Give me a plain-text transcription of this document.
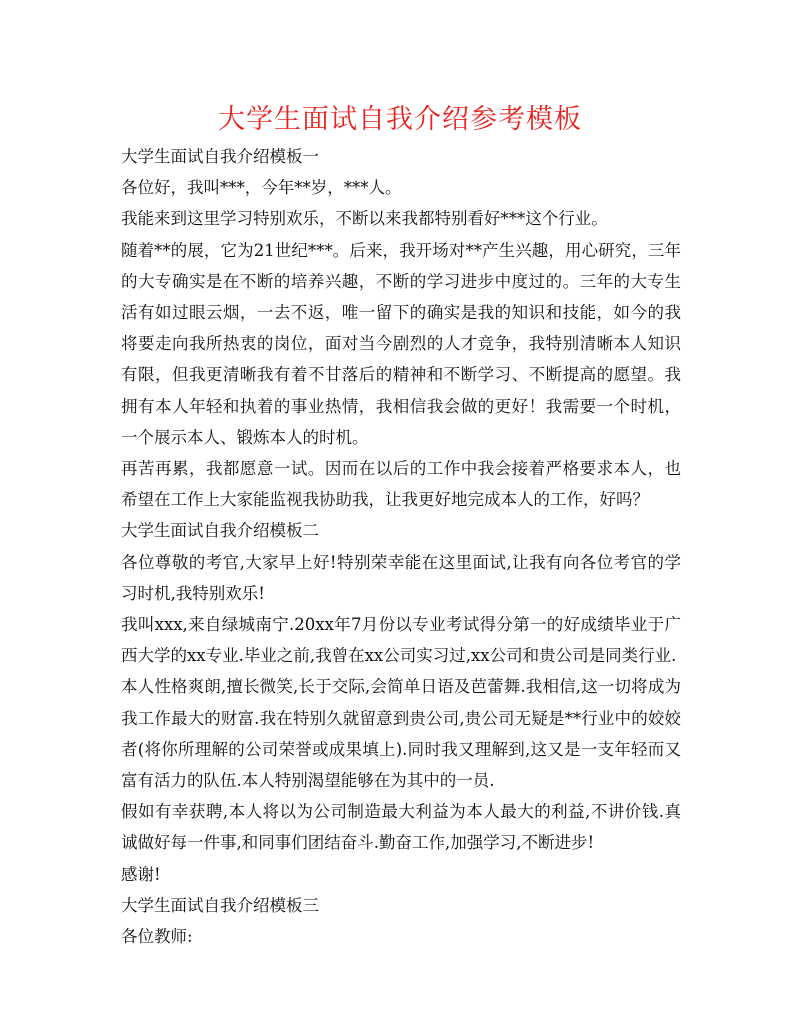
大学生面试自我介绍参考模板

大学生面试自我介绍模板一

各位好，我叫***，今年**岁，***人。

我能来到这里学习特别欢乐，不断以来我都特别看好***这个行业。

随着**的展，它为21世纪***。后来，我开场对**产生兴趣，用心研究，三年的大专确实是在不断的培养兴趣，不断的学习进步中度过的。三年的大专生活有如过眼云烟，一去不返，唯一留下的确实是我的知识和技能，如今的我将要走向我所热衷的岗位，面对当今剧烈的人才竞争，我特别清晰本人知识有限，但我更清晰我有着不甘落后的精神和不断学习、不断提高的愿望。我拥有本人年轻和执着的事业热情，我相信我会做的更好！我需要一个时机，一个展示本人、锻炼本人的时机。

再苦再累，我都愿意一试。因而在以后的工作中我会接着严格要求本人，也希望在工作上大家能监视我协助我，让我更好地完成本人的工作，好吗？

大学生面试自我介绍模板二

各位尊敬的考官,大家早上好!特别荣幸能在这里面试,让我有向各位考官的学习时机,我特别欢乐!

我叫xxx,来自绿城南宁.20xx年7月份以专业考试得分第一的好成绩毕业于广西大学的xx专业.毕业之前,我曾在xx公司实习过,xx公司和贵公司是同类行业.

本人性格爽朗,擅长微笑,长于交际,会简单日语及芭蕾舞.我相信,这一切将成为我工作最大的财富.我在特别久就留意到贵公司,贵公司无疑是**行业中的姣姣者(将你所理解的公司荣誉或成果填上).同时我又理解到,这又是一支年轻而又富有活力的队伍.本人特别渴望能够在为其中的一员.

假如有幸获聘,本人将以为公司制造最大利益为本人最大的利益,不讲价钱.真诚做好每一件事,和同事们团结奋斗.勤奋工作,加强学习,不断进步!

感谢!

大学生面试自我介绍模板三

各位教师:
